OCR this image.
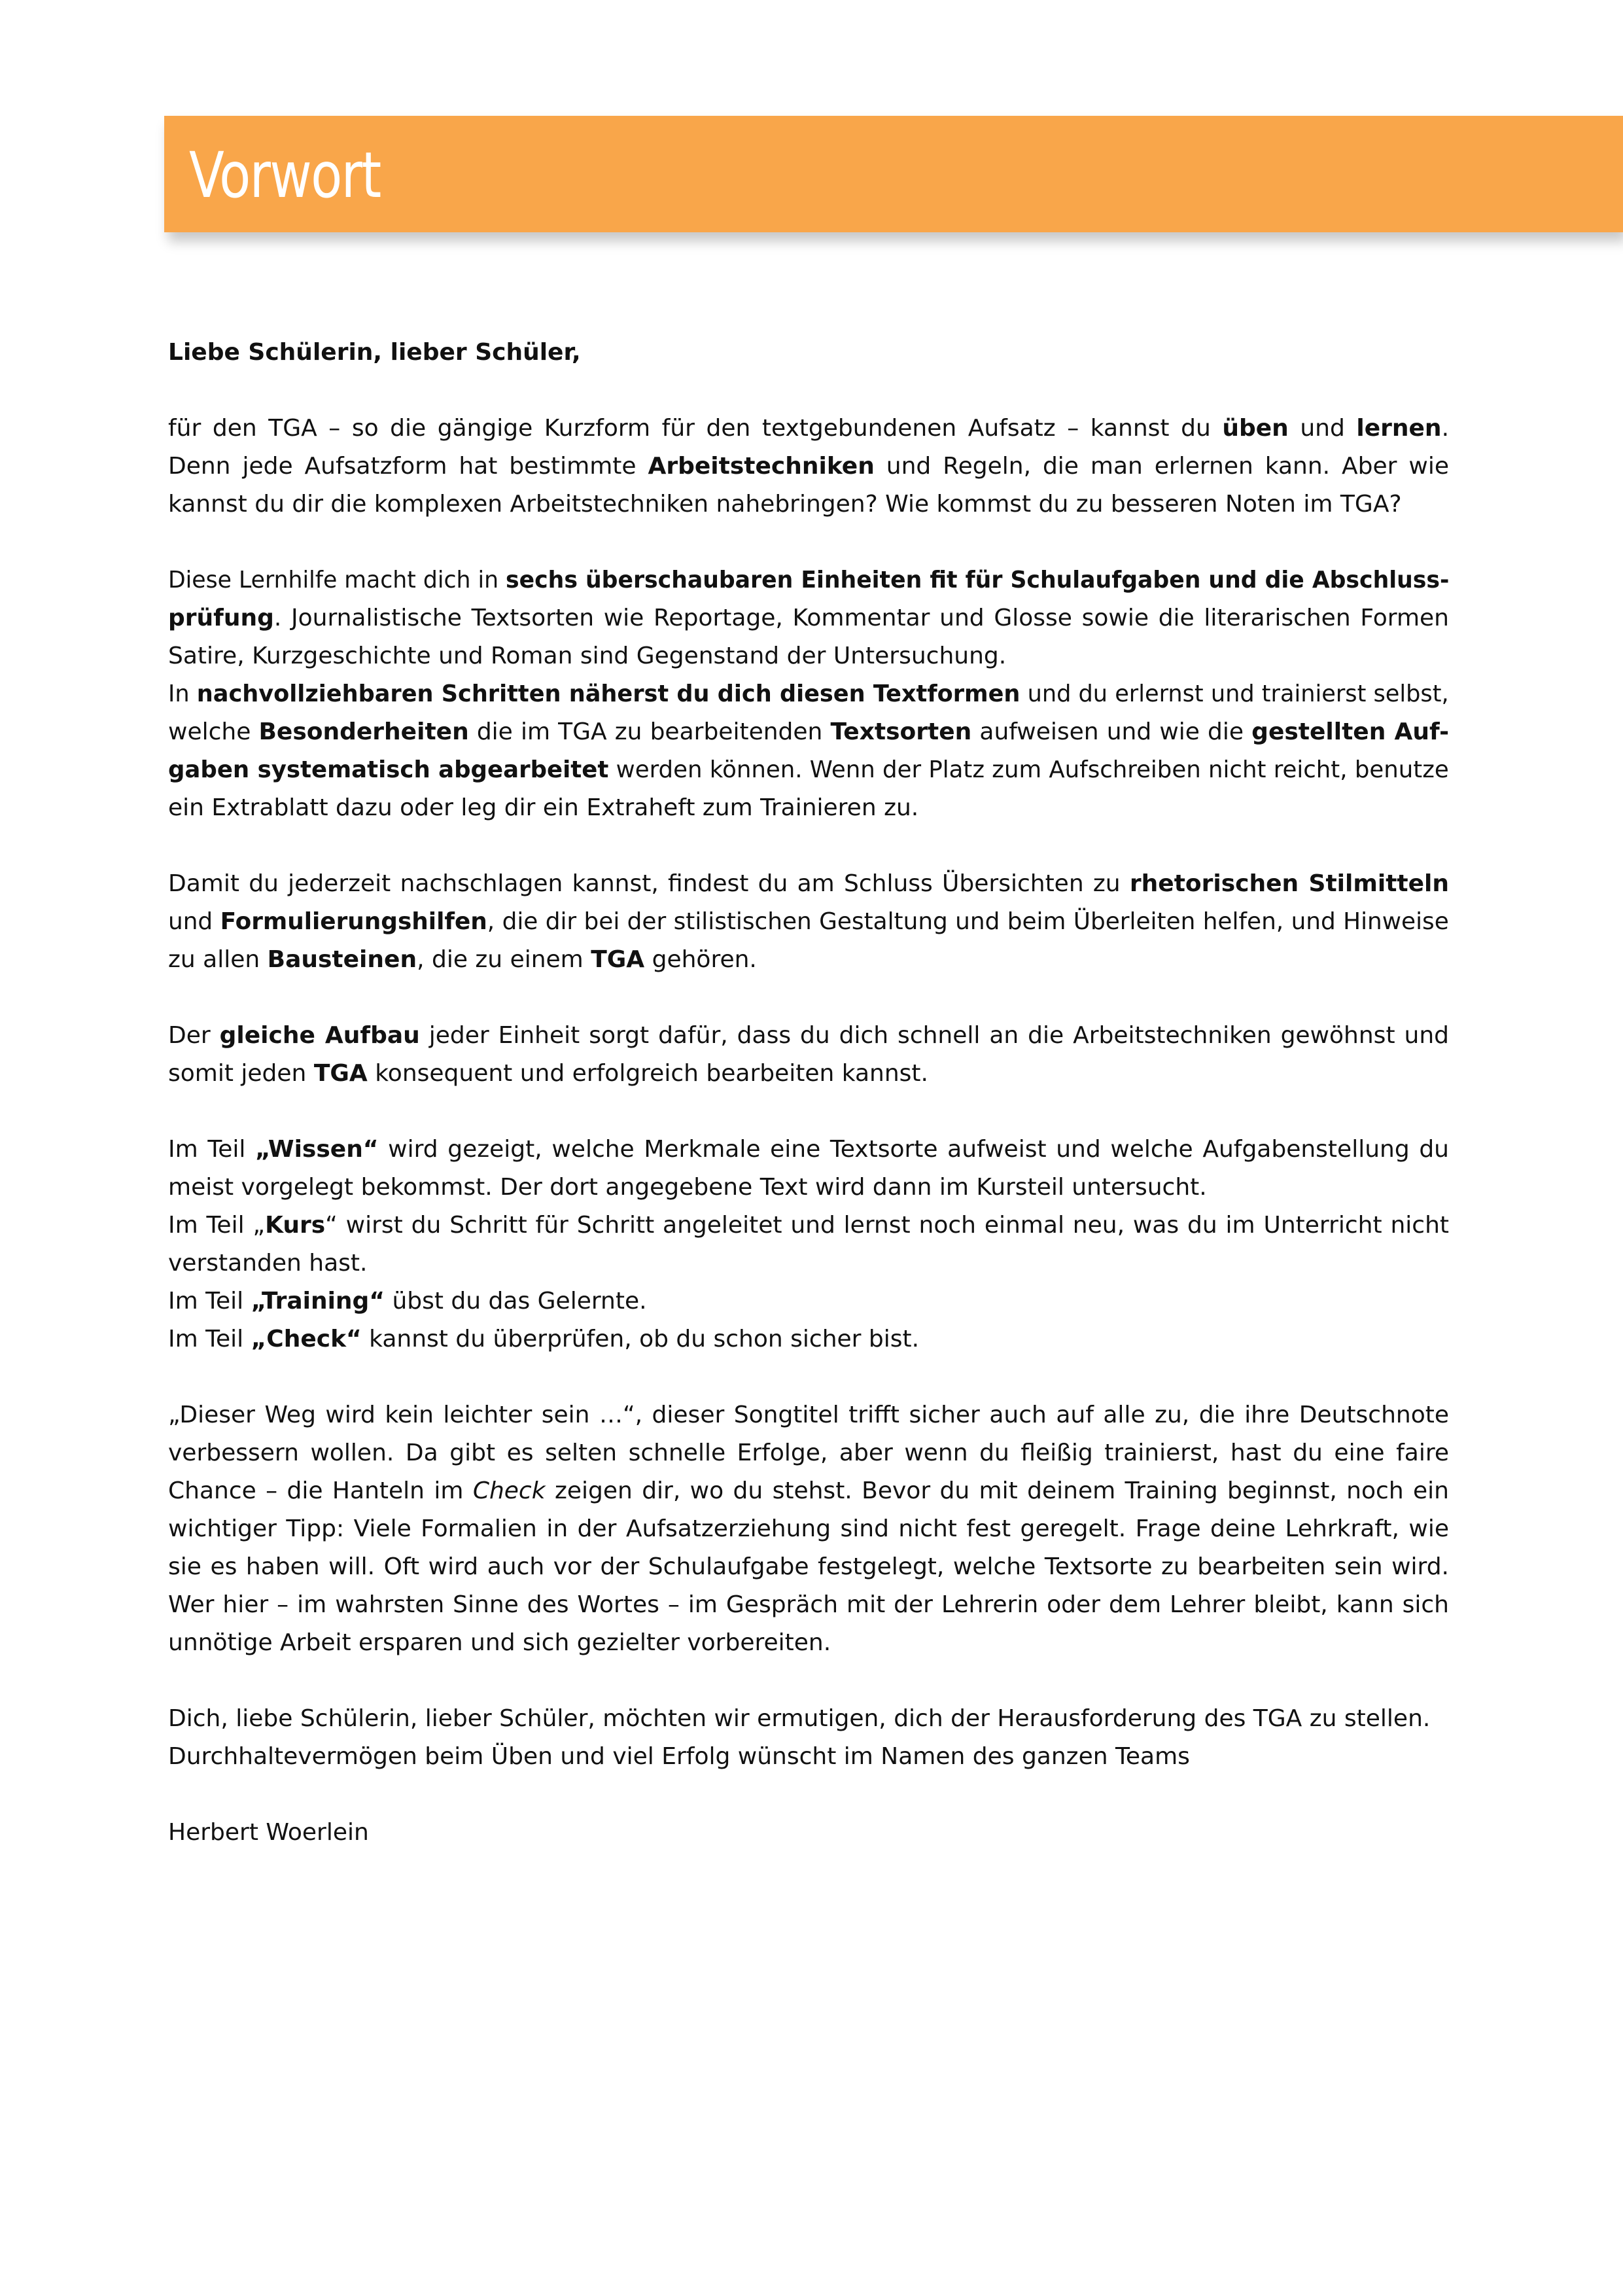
Vorwort
Liebe Schülerin, lieber Schüler,
für den TGA – so die gängige Kurzform für den textgebundenen Aufsatz – kannst du üben und lernen.
Denn jede Aufsatzform hat bestimmte Arbeitstechniken und Regeln, die man erlernen kann. Aber wie
kannst du dir die komplexen Arbeitstechniken nahebringen? Wie kommst du zu besseren Noten im TGA?
Diese Lernhilfe macht dich in sechs überschaubaren Einheiten fit für Schulaufgaben und die Abschluss-
prüfung. Journalistische Textsorten wie Reportage, Kommentar und Glosse sowie die literarischen Formen
Satire, Kurzgeschichte und Roman sind Gegenstand der Untersuchung.
In nachvollziehbaren Schritten näherst du dich diesen Textformen und du erlernst und trainierst selbst,
welche Besonderheiten die im TGA zu bearbeitenden Textsorten aufweisen und wie die gestellten Auf-
gaben systematisch abgearbeitet werden können. Wenn der Platz zum Aufschreiben nicht reicht, benutze
ein Extrablatt dazu oder leg dir ein Extraheft zum Trainieren zu.
Damit du jederzeit nachschlagen kannst, findest du am Schluss Übersichten zu rhetorischen Stilmitteln
und Formulierungshilfen, die dir bei der stilistischen Gestaltung und beim Überleiten helfen, und Hinweise
zu allen Bausteinen, die zu einem TGA gehören.
Der gleiche Aufbau jeder Einheit sorgt dafür, dass du dich schnell an die Arbeitstechniken gewöhnst und
somit jeden TGA konsequent und erfolgreich bearbeiten kannst.
Im Teil „Wissen“ wird gezeigt, welche Merkmale eine Textsorte aufweist und welche Aufgabenstellung du
meist vorgelegt bekommst. Der dort angegebene Text wird dann im Kursteil untersucht.
Im Teil „Kurs“ wirst du Schritt für Schritt angeleitet und lernst noch einmal neu, was du im Unterricht nicht
verstanden hast.
Im Teil „Training“ übst du das Gelernte.
Im Teil „Check“ kannst du überprüfen, ob du schon sicher bist.
„Dieser Weg wird kein leichter sein …“, dieser Songtitel trifft sicher auch auf alle zu, die ihre Deutschnote
verbessern wollen. Da gibt es selten schnelle Erfolge, aber wenn du fleißig trainierst, hast du eine faire
Chance – die Hanteln im Check zeigen dir, wo du stehst. Bevor du mit deinem Training beginnst, noch ein
wichtiger Tipp: Viele Formalien in der Aufsatzerziehung sind nicht fest geregelt. Frage deine Lehrkraft, wie
sie es haben will. Oft wird auch vor der Schulaufgabe festgelegt, welche Textsorte zu bearbeiten sein wird.
Wer hier – im wahrsten Sinne des Wortes – im Gespräch mit der Lehrerin oder dem Lehrer bleibt, kann sich
unnötige Arbeit ersparen und sich gezielter vorbereiten.
Dich, liebe Schülerin, lieber Schüler, möchten wir ermutigen, dich der Herausforderung des TGA zu stellen.
Durchhaltevermögen beim Üben und viel Erfolg wünscht im Namen des ganzen Teams
Herbert Woerlein
